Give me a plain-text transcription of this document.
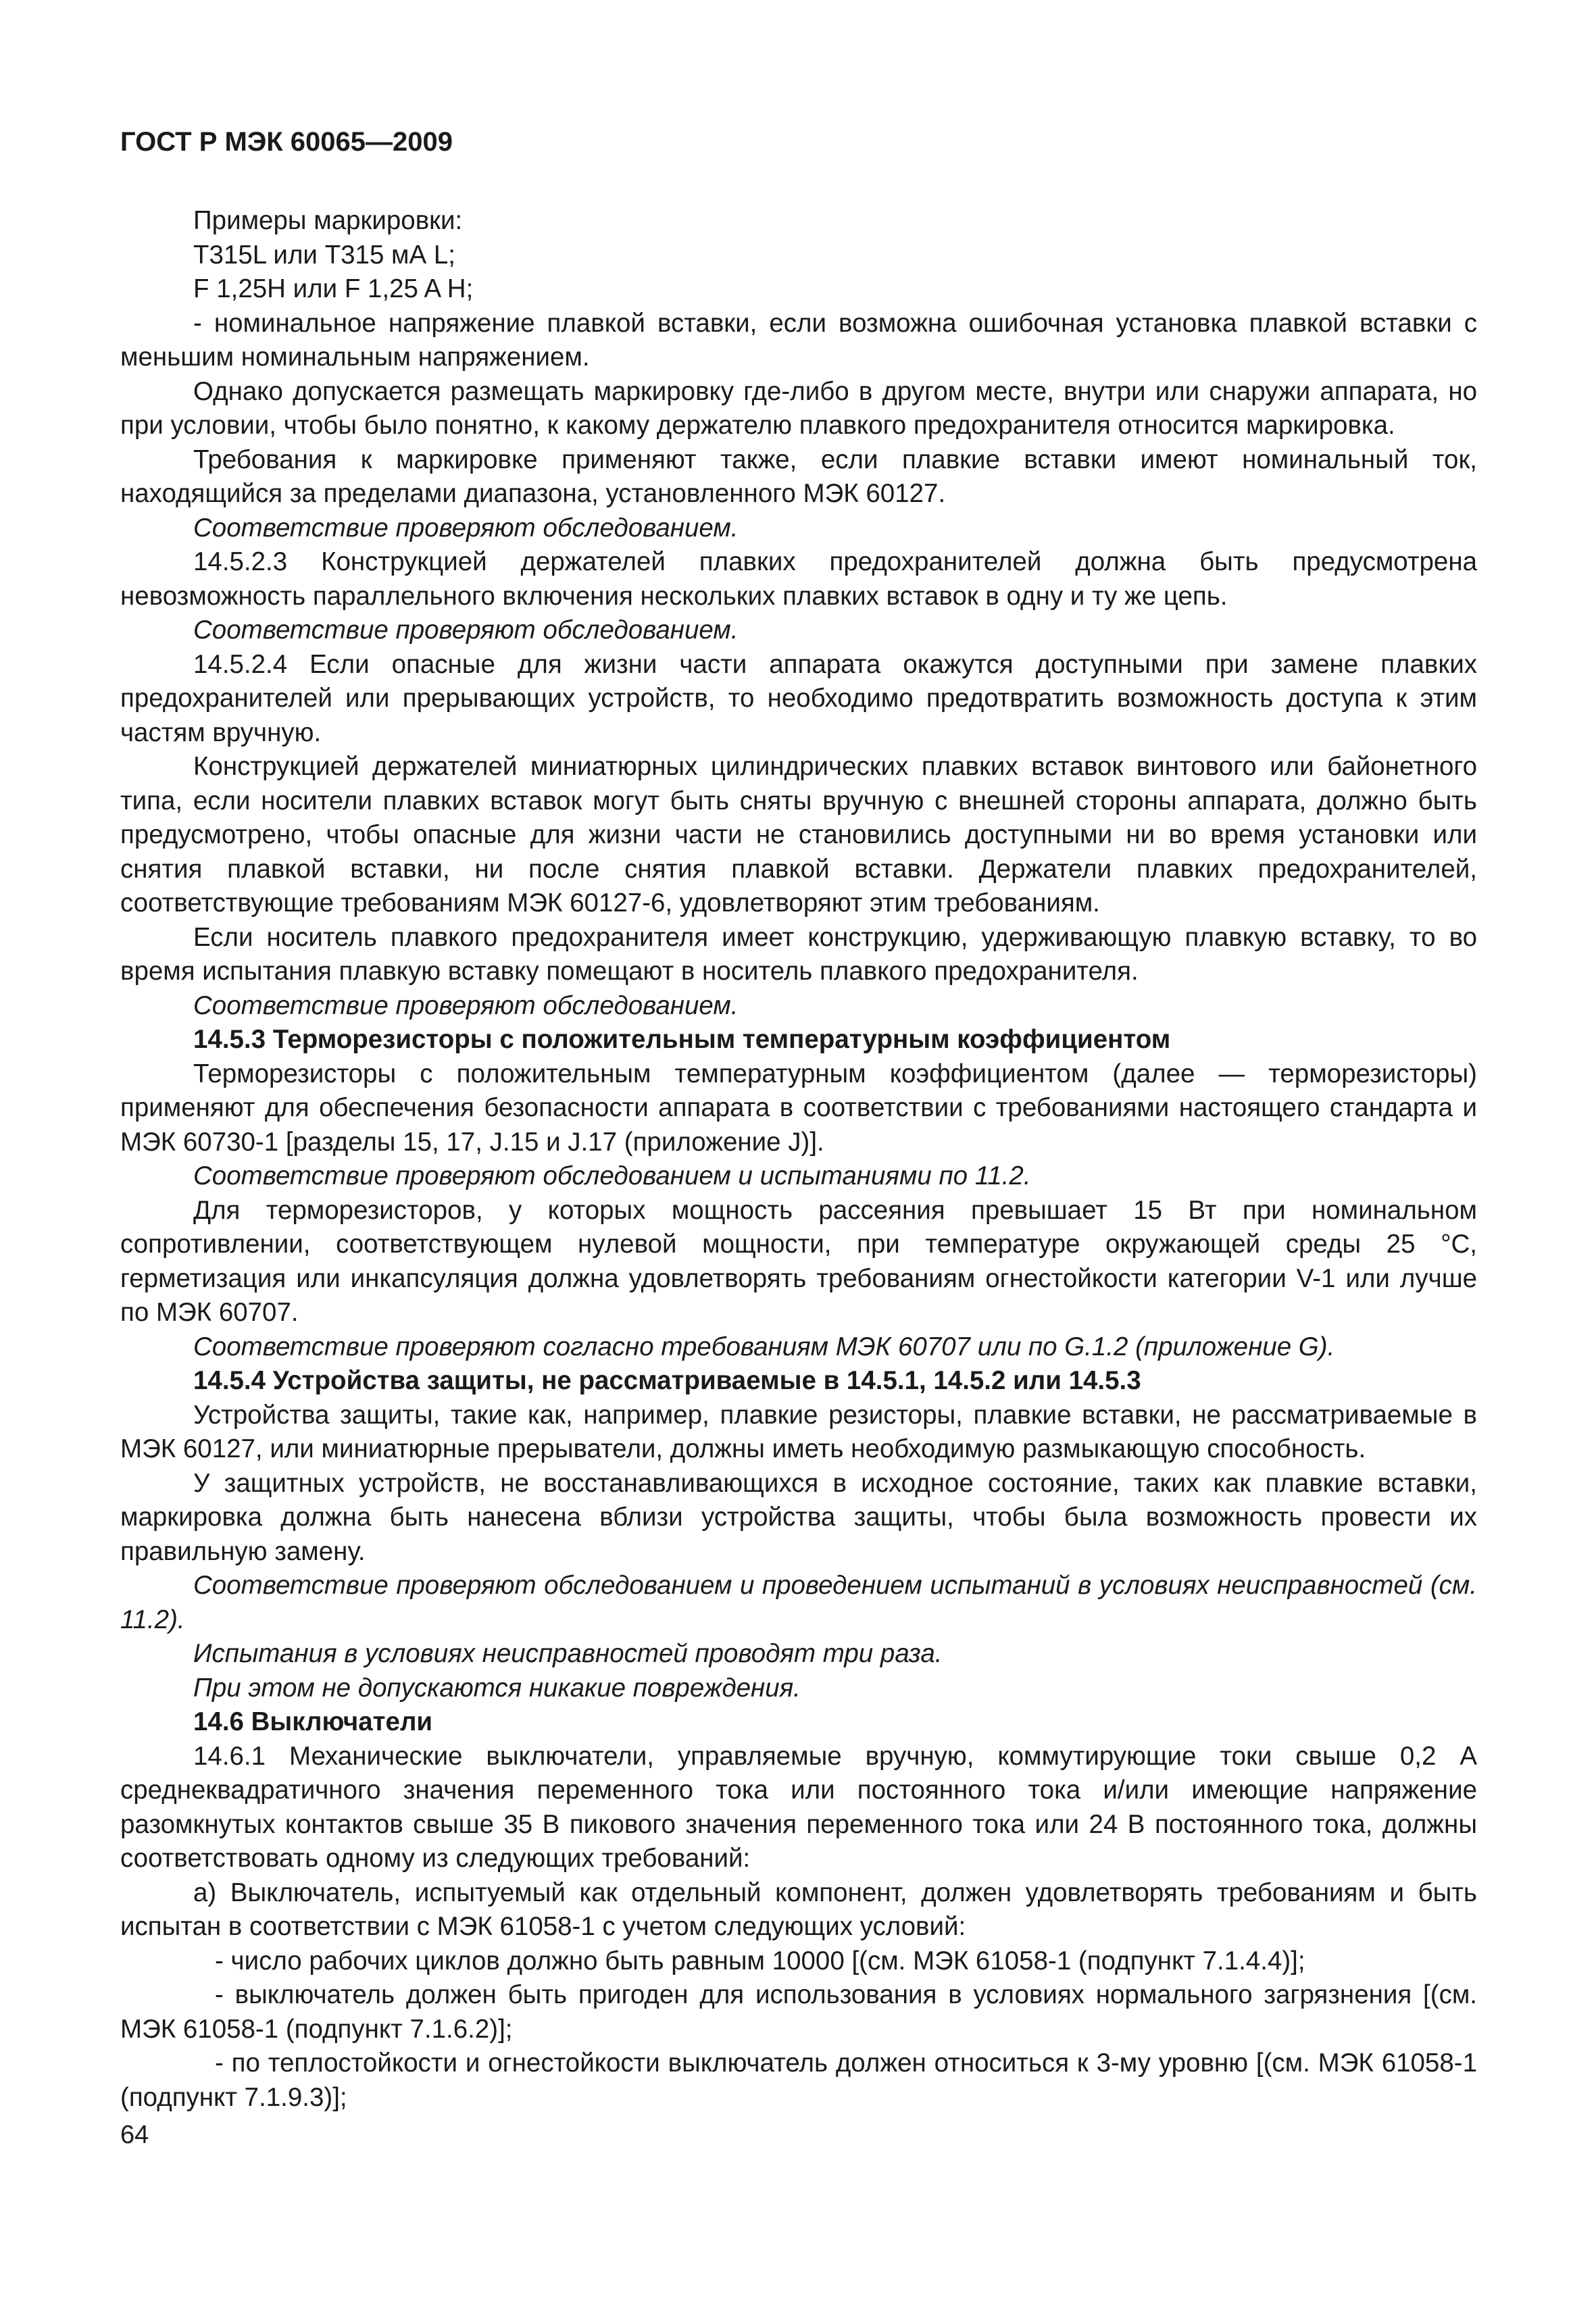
ГОСТ Р МЭК 60065—2009

Примеры маркировки:

Т315L или Т315 мА L;

F 1,25H или F 1,25 A H;

- номинальное напряжение плавкой вставки, если возможна ошибочная установка плавкой вставки с меньшим номинальным напряжением.

Однако допускается размещать маркировку где-либо в другом месте, внутри или снаружи аппарата, но при условии, чтобы было понятно, к какому держателю плавкого предохранителя относится маркировка.

Требования к маркировке применяют также, если плавкие вставки имеют номинальный ток, находящийся за пределами диапазона, установленного МЭК 60127.

Соответствие проверяют обследованием.

14.5.2.3 Конструкцией держателей плавких предохранителей должна быть предусмотрена невозможность параллельного включения нескольких плавких вставок в одну и ту же цепь.

Соответствие проверяют обследованием.

14.5.2.4 Если опасные для жизни части аппарата окажутся доступными при замене плавких предохранителей или прерывающих устройств, то необходимо предотвратить возможность доступа к этим частям вручную.

Конструкцией держателей миниатюрных цилиндрических плавких вставок винтового или байонетного типа, если носители плавких вставок могут быть сняты вручную с внешней стороны аппарата, должно быть предусмотрено, чтобы опасные для жизни части не становились доступными ни во время установки или снятия плавкой вставки, ни после снятия плавкой вставки. Держатели плавких предохранителей, соответствующие требованиям МЭК 60127-6, удовлетворяют этим требованиям.

Если носитель плавкого предохранителя имеет конструкцию, удерживающую плавкую вставку, то во время испытания плавкую вставку помещают в носитель плавкого предохранителя.

Соответствие проверяют обследованием.

14.5.3 Терморезисторы с положительным температурным коэффициентом

Терморезисторы с положительным температурным коэффициентом (далее — терморезисторы) применяют для обеспечения безопасности аппарата в соответствии с требованиями настоящего стандарта и МЭК 60730-1 [разделы 15, 17, J.15 и J.17 (приложение J)].

Соответствие проверяют обследованием и испытаниями по 11.2.

Для терморезисторов, у которых мощность рассеяния превышает 15 Вт при номинальном сопротивлении, соответствующем нулевой мощности, при температуре окружающей среды 25 °С, герметизация или инкапсуляция должна удовлетворять требованиям огнестойкости категории V-1 или лучше по МЭК 60707.

Соответствие проверяют согласно требованиям МЭК 60707 или по G.1.2 (приложение G).

14.5.4 Устройства защиты, не рассматриваемые в 14.5.1, 14.5.2 или 14.5.3

Устройства защиты, такие как, например, плавкие резисторы, плавкие вставки, не рассматриваемые в МЭК 60127, или миниатюрные прерыватели, должны иметь необходимую размыкающую способность.

У защитных устройств, не восстанавливающихся в исходное состояние, таких как плавкие вставки, маркировка должна быть нанесена вблизи устройства защиты, чтобы была возможность провести их правильную замену.

Соответствие проверяют обследованием и проведением испытаний в условиях неисправностей (см. 11.2).

Испытания в условиях неисправностей проводят три раза.

При этом не допускаются никакие повреждения.

14.6 Выключатели

14.6.1 Механические выключатели, управляемые вручную, коммутирующие токи свыше 0,2 А среднеквадратичного значения переменного тока или постоянного тока и/или имеющие напряжение разомкнутых контактов свыше 35 В пикового значения переменного тока или 24 В постоянного тока, должны соответствовать одному из следующих требований:

а) Выключатель, испытуемый как отдельный компонент, должен удовлетворять требованиям и быть испытан в соответствии с МЭК 61058-1 с учетом следующих условий:

- число рабочих циклов должно быть равным 10000 [(см. МЭК 61058-1 (подпункт 7.1.4.4)];

- выключатель должен быть пригоден для использования в условиях нормального загрязнения [(см. МЭК 61058-1 (подпункт 7.1.6.2)];

- по теплостойкости и огнестойкости выключатель должен относиться к 3-му уровню [(см. МЭК 61058-1 (подпункт 7.1.9.3)];

64
